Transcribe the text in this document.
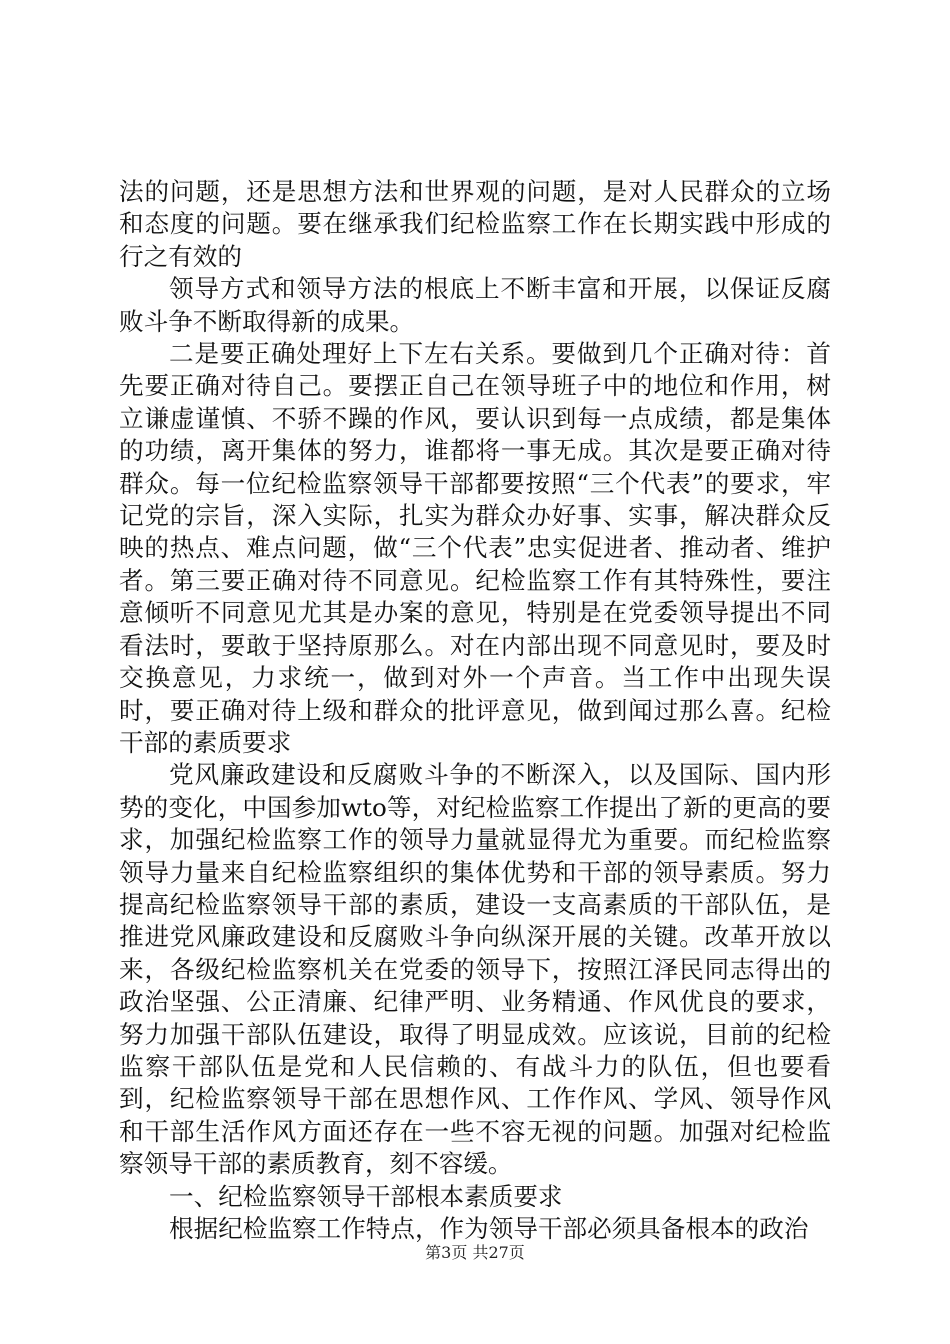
法的问题，还是思想方法和世界观的问题，是对人民群众的立场和态度的问题。要在继承我们纪检监察工作在长期实践中形成的行之有效的

领导方式和领导方法的根底上不断丰富和开展，以保证反腐败斗争不断取得新的成果。

二是要正确处理好上下左右关系。要做到几个正确对待：首先要正确对待自己。要摆正自己在领导班子中的地位和作用，树立谦虚谨慎、不骄不躁的作风，要认识到每一点成绩，都是集体的功绩，离开集体的努力，谁都将一事无成。其次是要正确对待群众。每一位纪检监察领导干部都要按照“三个代表”的要求，牢记党的宗旨，深入实际，扎实为群众办好事、实事，解决群众反映的热点、难点问题，做“三个代表”忠实促进者、推动者、维护者。第三要正确对待不同意见。纪检监察工作有其特殊性，要注意倾听不同意见尤其是办案的意见，特别是在党委领导提出不同看法时，要敢于坚持原那么。对在内部出现不同意见时，要及时交换意见，力求统一，做到对外一个声音。当工作中出现失误时，要正确对待上级和群众的批评意见，做到闻过那么喜。纪检干部的素质要求

党风廉政建设和反腐败斗争的不断深入，以及国际、国内形势的变化，中国参加wto等，对纪检监察工作提出了新的更高的要求，加强纪检监察工作的领导力量就显得尤为重要。而纪检监察领导力量来自纪检监察组织的集体优势和干部的领导素质。努力提高纪检监察领导干部的素质，建设一支高素质的干部队伍，是推进党风廉政建设和反腐败斗争向纵深开展的关键。改革开放以来，各级纪检监察机关在党委的领导下，按照江泽民同志得出的政治坚强、公正清廉、纪律严明、业务精通、作风优良的要求，努力加强干部队伍建设，取得了明显成效。应该说，目前的纪检监察干部队伍是党和人民信赖的、有战斗力的队伍，但也要看到，纪检监察领导干部在思想作风、工作作风、学风、领导作风和干部生活作风方面还存在一些不容无视的问题。加强对纪检监察领导干部的素质教育，刻不容缓。

一、纪检监察领导干部根本素质要求

根据纪检监察工作特点，作为领导干部必须具备根本的政治

第3页 共27页
